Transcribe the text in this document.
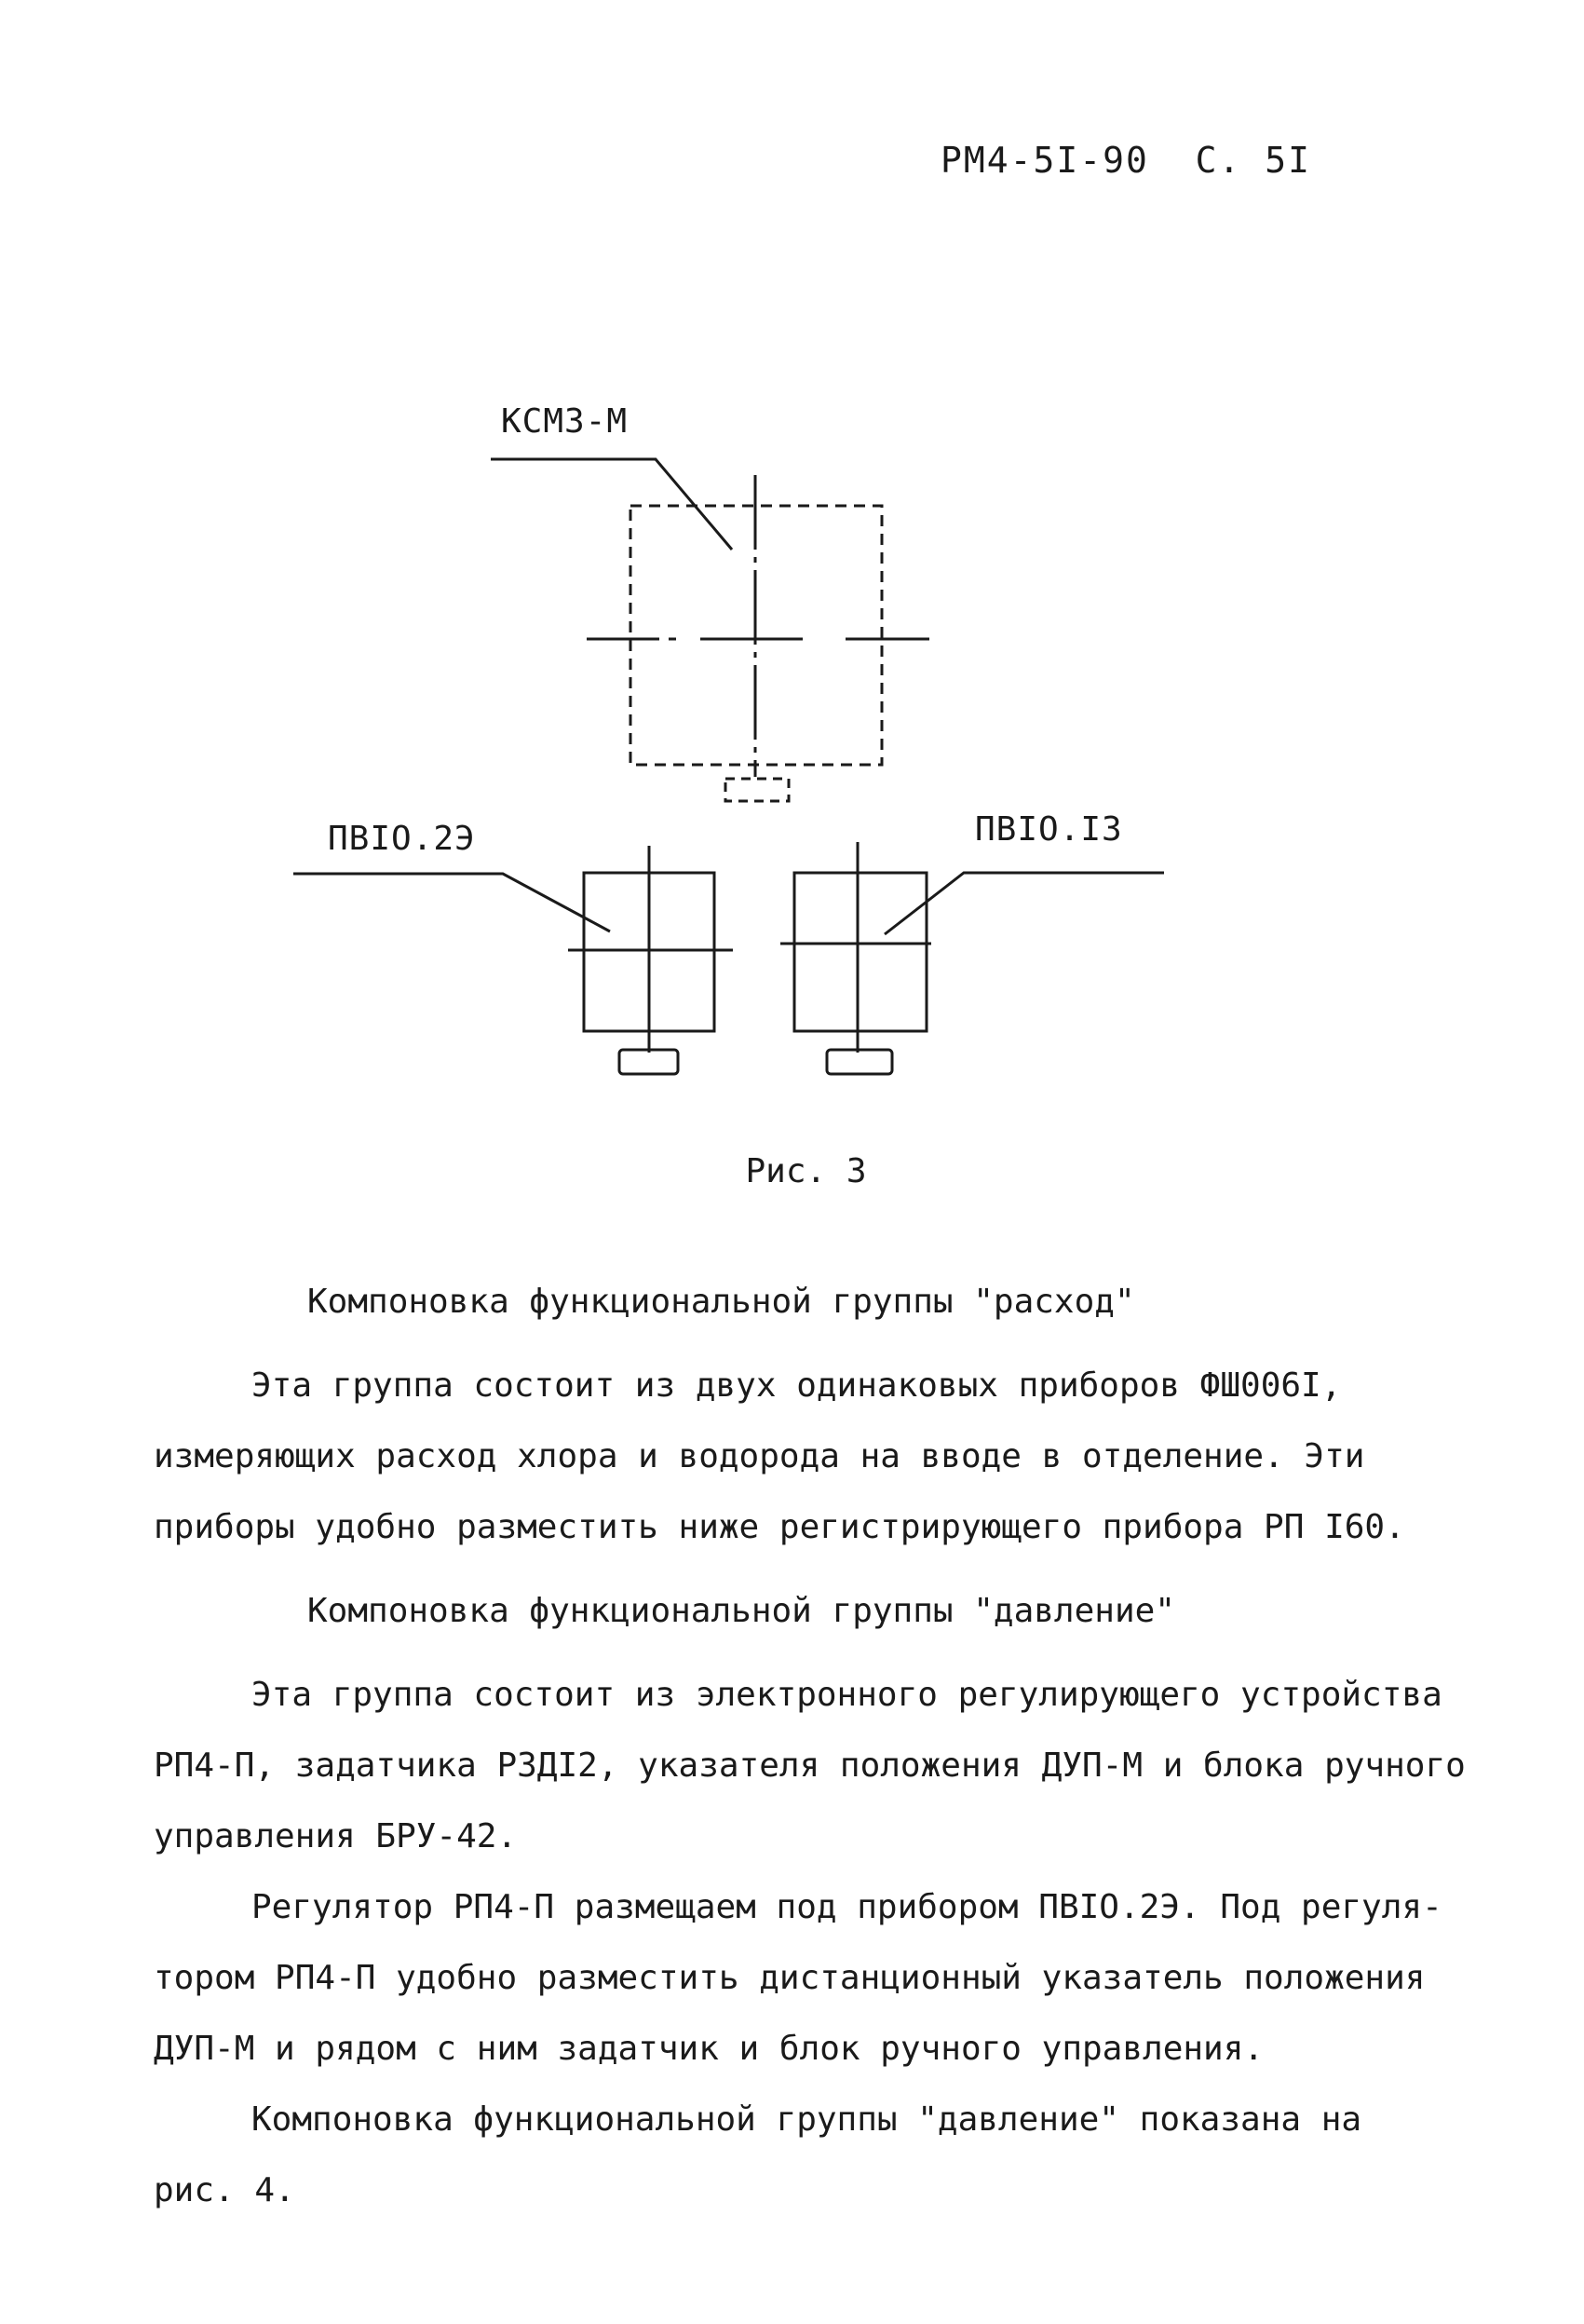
РМ4-5I-90 С. 5I
КСМЗ-М
ПВIО.2Э	ПВIО.IЗ
Рис. 3
Компоновка функциональной группы "расход"
Эта группа состоит из двух одинаковых приборов ФШ006I,
измеряющих расход хлора и водорода на вводе в отделение. Эти
приборы удобно разместить ниже регистрирующего прибора РП I60.
Компоновка функциональной группы "давление"
Эта группа состоит из электронного регулирующего устройства
РП4-П, задатчика РЗДI2, указателя положения ДУП-М и блока ручного
управления БРУ-42.
Регулятор РП4-П размещаем под прибором ПВIО.2Э. Под регуля-
тором РП4-П удобно разместить дистанционный указатель положения
ДУП-М и рядом с ним задатчик и блок ручного управления.
Компоновка функциональной группы "давление" показана на
рис. 4.
